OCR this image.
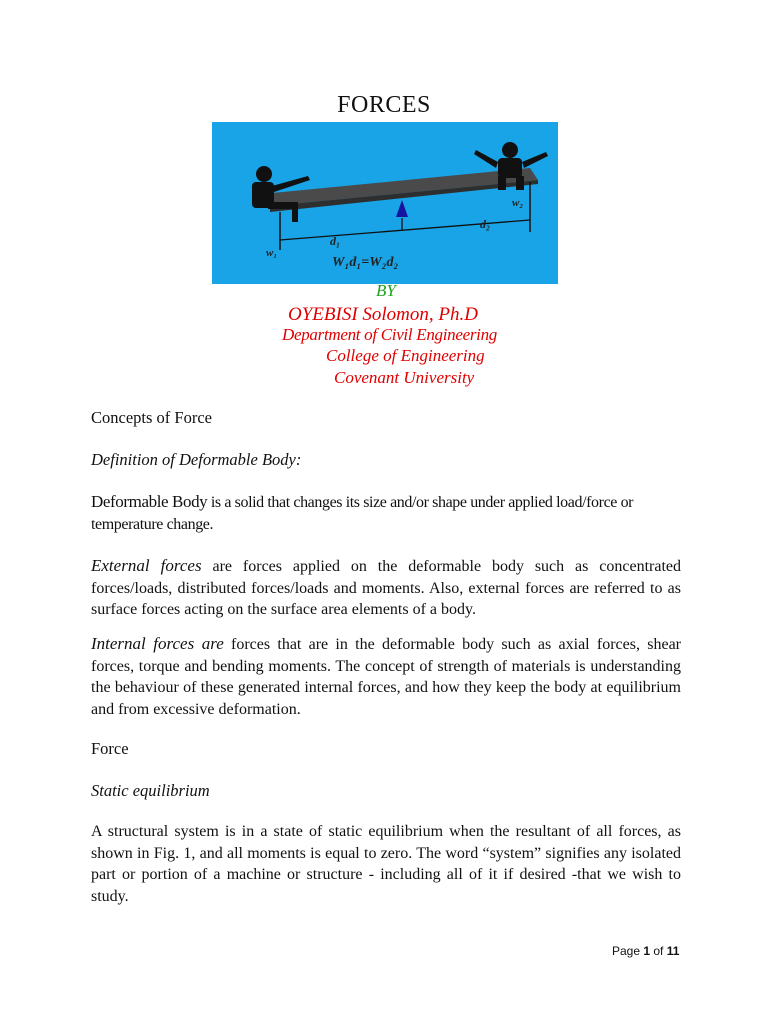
FORCES
d₁
d₂
w₂
w₁
W₁d₁=W₂d₂
BY
OYEBISI Solomon, Ph.D
Department of Civil Engineering
College of Engineering
Covenant University
Concepts of Force
Definition of Deformable Body:
Deformable Body is a solid that changes its size and/or shape under applied load/force or temperature change.
External forces are forces applied on the deformable body such as concentrated forces/loads, distributed forces/loads and moments. Also, external forces are referred to as surface forces acting on the surface area elements of a body.
Internal forces are forces that are in the deformable body such as axial forces, shear forces, torque and bending moments. The concept of strength of materials is understanding the behaviour of these generated internal forces, and how they keep the body at equilibrium and from excessive deformation.
Force
Static equilibrium
A structural system is in a state of static equilibrium when the resultant of all forces, as shown in Fig. 1, and all moments is equal to zero. The word “system” signifies any isolated part or portion of a machine or structure - including all of it if desired -that we wish to study.
Page 1 of 11
